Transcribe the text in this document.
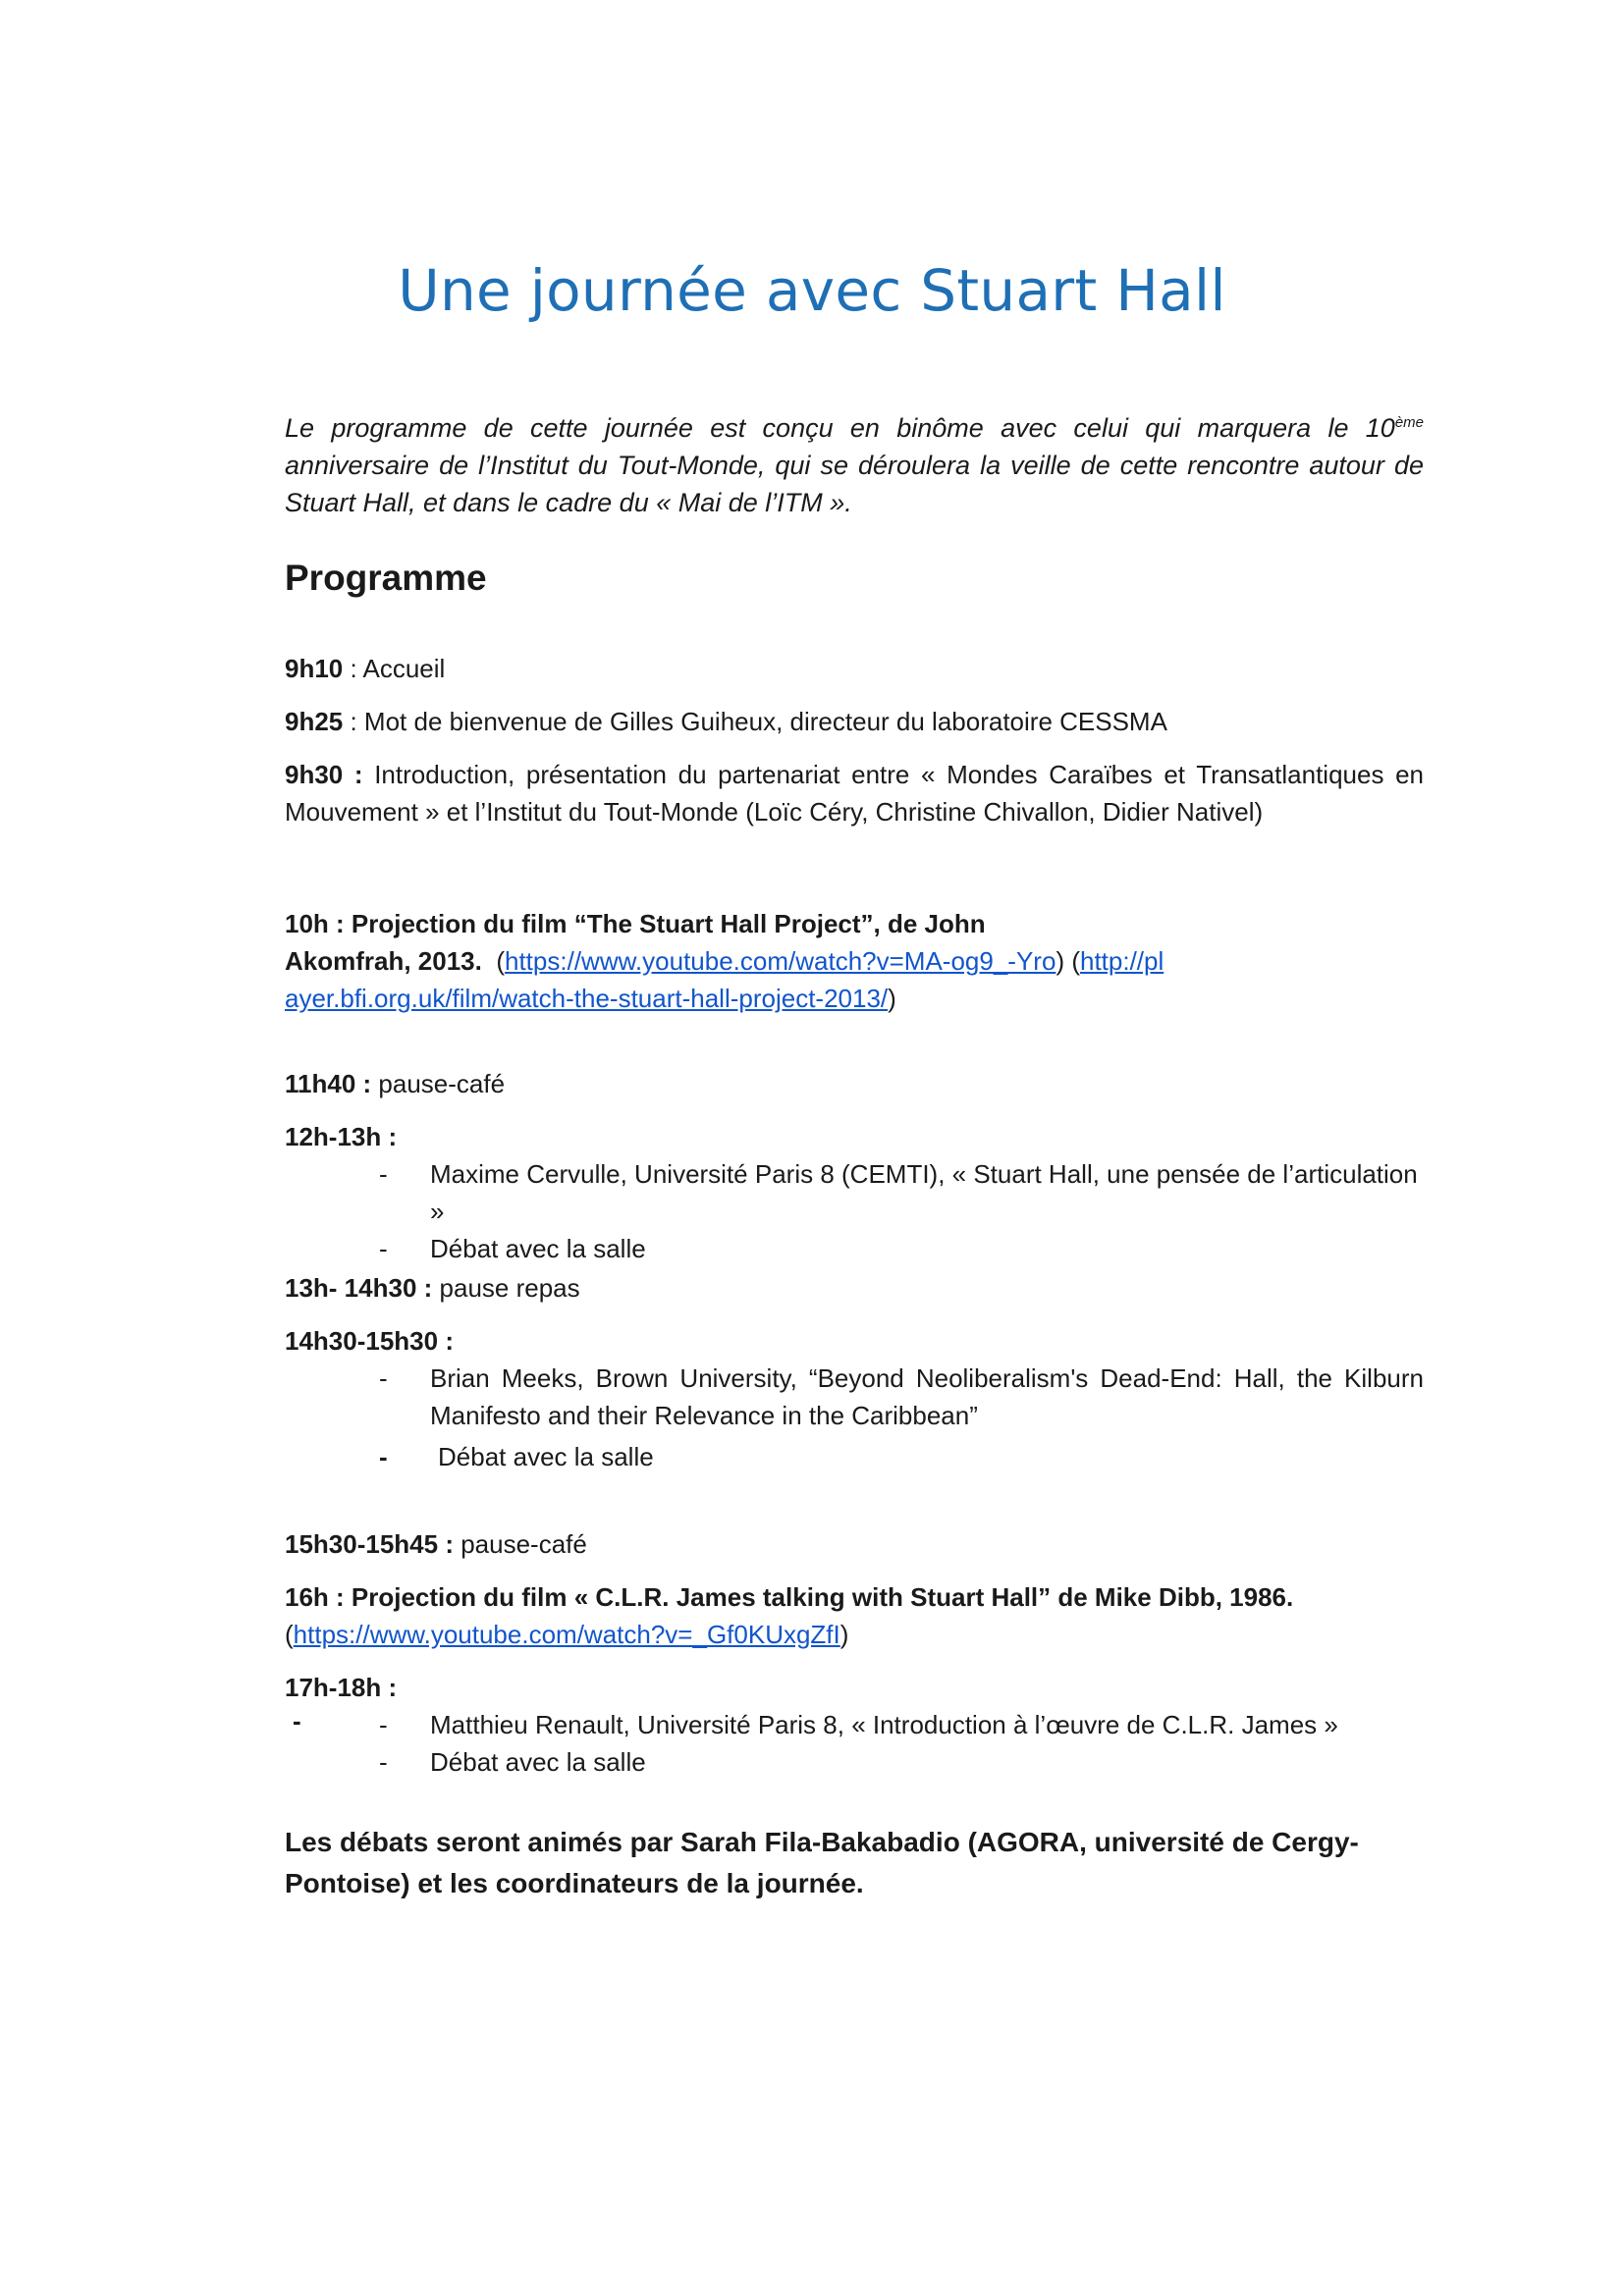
Une journée avec Stuart Hall
Le programme de cette journée est conçu en binôme avec celui qui marquera le 10ème anniversaire de l’Institut du Tout-Monde, qui se déroulera la veille de cette rencontre autour de Stuart Hall, et dans le cadre du « Mai de l’ITM ».
Programme
9h10 : Accueil
9h25 : Mot de bienvenue de Gilles Guiheux, directeur du laboratoire CESSMA
9h30 : Introduction, présentation du partenariat entre « Mondes Caraïbes et Transatlantiques en Mouvement » et l’Institut du Tout-Monde (Loïc Céry, Christine Chivallon, Didier Nativel)
10h : Projection du film “The Stuart Hall Project”, de John
Akomfrah, 2013. (https://www.youtube.com/watch?v=MA-og9_-Yro) (http://player.bfi.org.uk/film/watch-the-stuart-hall-project-2013/)
11h40 : pause-café
12h-13h :
- Maxime Cervulle, Université Paris 8 (CEMTI), « Stuart Hall, une pensée de l’articulation »
- Débat avec la salle
13h- 14h30 : pause repas
14h30-15h30 :
- Brian Meeks, Brown University, “Beyond Neoliberalism's Dead-End: Hall, the Kilburn Manifesto and their Relevance in the Caribbean”
- Débat avec la salle
15h30-15h45 : pause-café
16h : Projection du film « C.L.R. James talking with Stuart Hall” de Mike Dibb, 1986.
(https://www.youtube.com/watch?v=_Gf0KUxgZfI)
17h-18h :
-	- Matthieu Renault, Université Paris 8, « Introduction à l’œuvre de C.L.R. James »
- Débat avec la salle
Les débats seront animés par Sarah Fila-Bakabadio (AGORA, université de Cergy-Pontoise) et les coordinateurs de la journée.
